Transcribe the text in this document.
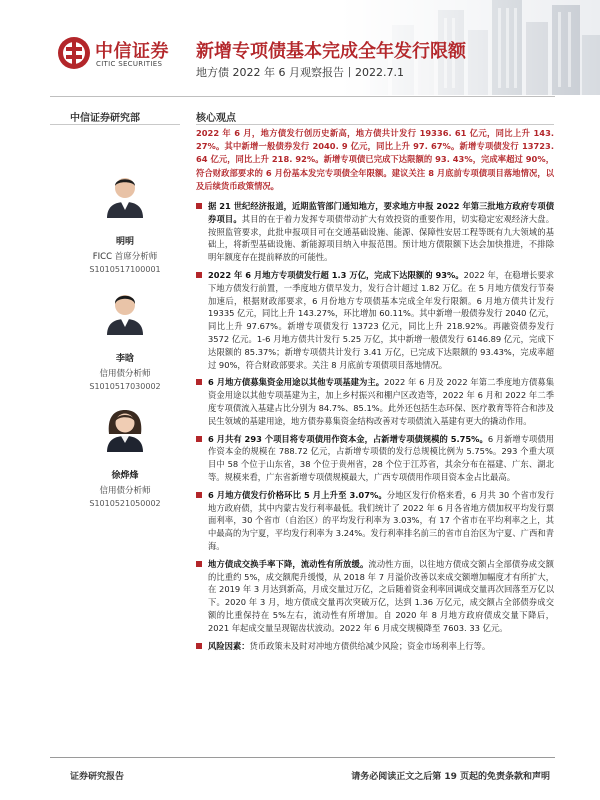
中信证券
CITIC SECURITIES
新增专项债基本完成全年发行限额
地方债 2022 年 6 月观察报告丨2022.7.1
中信证券研究部
明明
FICC 首席分析师
S1010517100001
李晗
信用债分析师
S1010517030002
徐烨烽
信用债分析师
S1010521050002
核心观点
2022 年 6 月，地方债发行创历史新高，地方债共计发行 19336. 61 亿元，同比上升 143. 27%。其中新增一般债券发行 2040. 9 亿元，同比上升 97. 67%。新增专项债发行 13723. 64 亿元，同比上升 218. 92%。新增专项债已完成下达限额的 93. 43%，完成率超过 90%，符合财政部要求的 6 月份基本发完专项债全年限额。建议关注 8 月底前专项债项目落地情况，以及后续货币政策情况。
据 21 世纪经济报道，近期监管部门通知地方，要求地方申报 2022 年第三批地方政府专项债券项目。其目的在于着力发挥专项债带动扩大有效投资的重要作用，切实稳定宏观经济大盘。按照监管要求，此批申报项目可在交通基础设施、能源、保障性安居工程等既有九大领域的基础上，将新型基础设施、新能源项目纳入申报范围。预计地方债限额下达会加快推进，不排除明年额度存在提前释放的可能性。
2022 年 6 月地方专项债发行超 1.3 万亿，完成下达限额的 93%。2022 年，在稳增长要求下地方债发行前置，一季度地方债早发力，发行合计超过 1.82 万亿。在 5 月地方债发行节奏加速后，根据财政部要求，6 月份地方专项债基本完成全年发行限额。6 月地方债共计发行 19335 亿元，同比上升 143.27%，环比增加 60.11%。其中新增一般债券发行 2040 亿元，同比上升 97.67%。新增专项债发行 13723 亿元，同比上升 218.92%。再融资债券发行 3572 亿元。1-6 月地方债共计发行 5.25 万亿，其中新增一般债发行 6146.89 亿元，完成下达限额的 85.37%；新增专项债共计发行 3.41 万亿，已完成下达限额的 93.43%，完成率超过 90%，符合财政部要求。关注 8 月底前专项债项目落地情况。
6 月地方债募集资金用途以其他专项基建为主。2022 年 6 月及 2022 年第二季度地方债募集资金用途以其他专项基建为主，加上乡村振兴和棚户区改造等，2022 年 6 月和 2022 年二季度专项债流入基建占比分别为 84.7%、85.1%。此外还包括生态环保、医疗教育等符合和涉及民生领域的基建用途，地方债券募集资金结构改善对专项债流入基建有更大的撬动作用。
6 月共有 293 个项目将专项债用作资本金，占新增专项债规模的 5.75%。6 月新增专项债用作资本金的规模在 788.72 亿元，占新增专项债的发行总规模比例为 5.75%。293 个重大项目中 58 个位于山东省，38 个位于贵州省，28 个位于江苏省，其余分布在福建、广东、湖北等。规模来看，广东省新增专项债规模最大，广西专项债用作项目资本金占比最高。
6 月地方债发行价格环比 5 月上升至 3.07%。分地区发行价格来看，6 月共 30 个省市发行地方政府债，其中内蒙古发行利率最低。我们统计了 2022 年 6 月各省地方债加权平均发行票面利率，30 个省市（自治区）的平均发行利率为 3.03%，有 17 个省市在平均利率之上，其中最高的为宁夏，平均发行利率为 3.24%。发行利率排名前三的省市自治区为宁夏、广西和青海。
地方债成交换手率下降，流动性有所放缓。流动性方面，以往地方债成交额占全部债券成交额的比重约 5%，成交额爬升缓慢，从 2018 年 7 月溢价改善以来成交额增加幅度才有所扩大，在 2019 年 3 月达到新高，月成交量过万亿，之后随着资金利率回调成交量再次回落至万亿以下。2020 年 3 月，地方债成交量再次突破万亿，达到 1.36 万亿元，成交额占全部债券成交额的比重保持在 5%左右，流动性有所增加。自 2020 年 8 月地方政府债成交量下降后，2021 年起成交量呈现锯齿状波动。2022 年 6 月成交规模降至 7603. 33 亿元。
风险因素：货币政策未及时对冲地方债供给减少风险；资金市场利率上行等。
证券研究报告	请务必阅读正文之后第 19 页起的免责条款和声明
